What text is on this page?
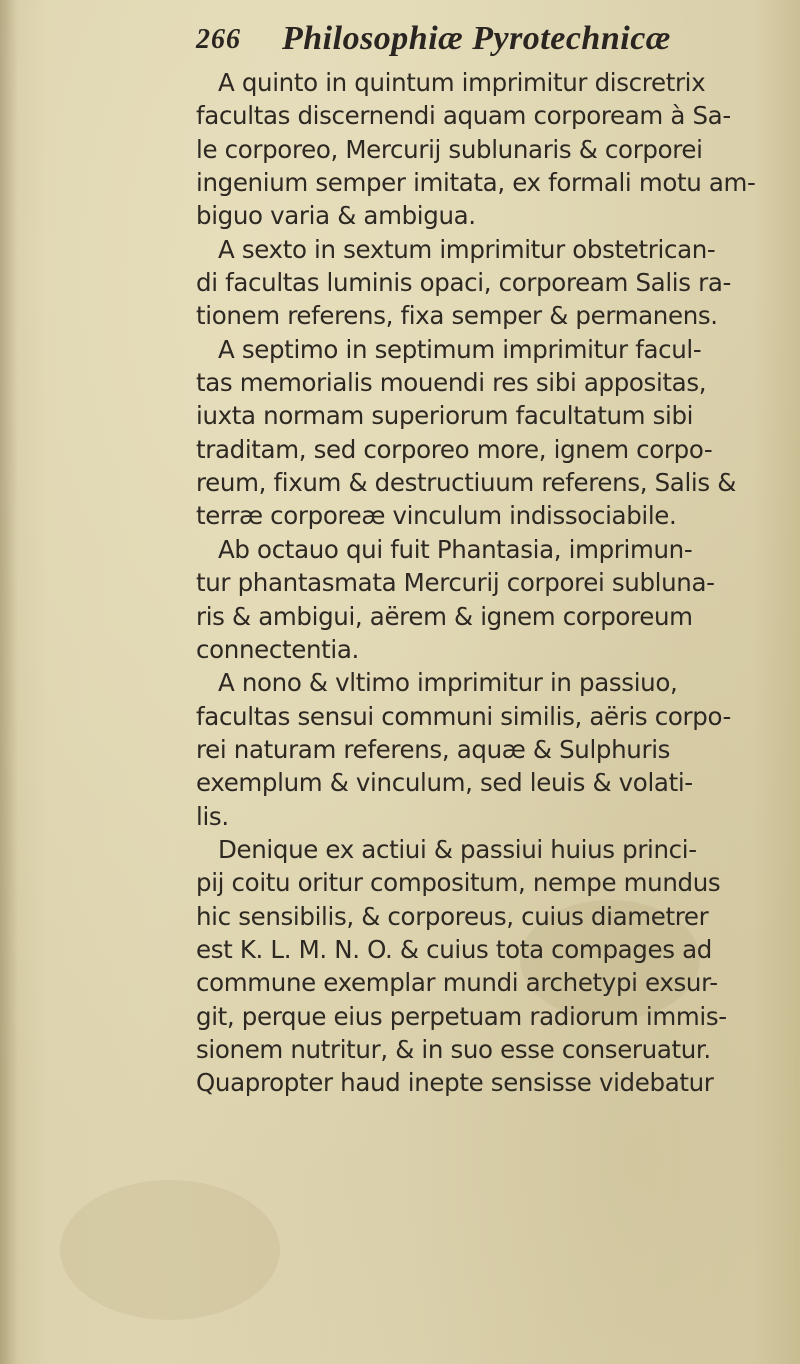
266 Philosophiæ Pyrotechnicæ
A quinto in quintum imprimitur discretrix
facultas discernendi aquam corpoream à Sa-
le corporeo, Mercurij sublunaris & corporei
ingenium semper imitata, ex formali motu am-
biguo varia & ambigua.
A sexto in sextum imprimitur obstetrican-
di facultas luminis opaci, corpoream Salis ra-
tionem referens, fixa semper & permanens.
A septimo in septimum imprimitur facul-
tas memorialis mouendi res sibi appositas,
iuxta normam superiorum facultatum sibi
traditam, sed corporeo more, ignem corpo-
reum, fixum & destructiuum referens, Salis &
terræ corporeæ vinculum indissociabile.
Ab octauo qui fuit Phantasia, imprimun-
tur phantasmata Mercurij corporei subluna-
ris & ambigui, aërem & ignem corporeum
connectentia.
A nono & vltimo imprimitur in passiuo,
facultas sensui communi similis, aëris corpo-
rei naturam referens, aquæ & Sulphuris
exemplum & vinculum, sed leuis & volati-
lis.
Denique ex actiui & passiui huius princi-
pij coitu oritur compositum, nempe mundus
hic sensibilis, & corporeus, cuius diametrer
est K. L. M. N. O. & cuius tota compages ad
commune exemplar mundi archetypi exsur-
git, perque eius perpetuam radiorum immis-
sionem nutritur, & in suo esse conseruatur.
Quapropter haud inepte sensisse videbatur
